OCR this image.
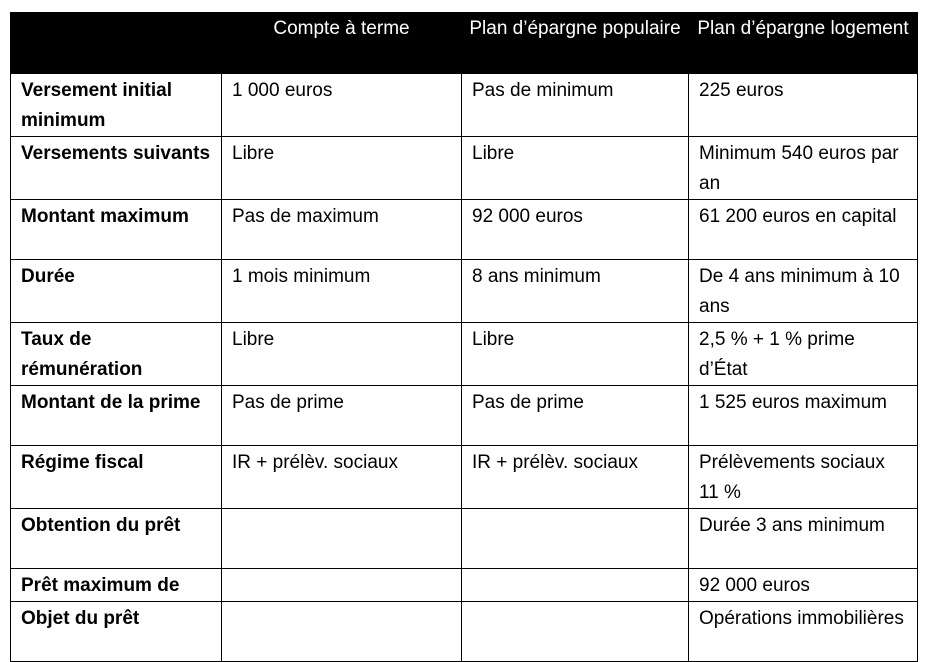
	Compte à terme	Plan d’épargne populaire	Plan d’épargne logement
Versement initial minimum	1 000 euros	Pas de minimum	225 euros
Versements suivants	Libre	Libre	Minimum 540 euros par an
Montant maximum	Pas de maximum	92 000 euros	61 200 euros en capital
Durée	1 mois minimum	8 ans minimum	De 4 ans minimum à 10 ans
Taux de rémunération	Libre	Libre	2,5 % + 1 % prime d’État
Montant de la prime	Pas de prime	Pas de prime	1 525 euros maximum
Régime fiscal	IR + prélèv. sociaux	IR + prélèv. sociaux	Prélèvements sociaux 11 %
Obtention du prêt			Durée 3 ans minimum
Prêt maximum de			92 000 euros
Objet du prêt			Opérations immobilières
